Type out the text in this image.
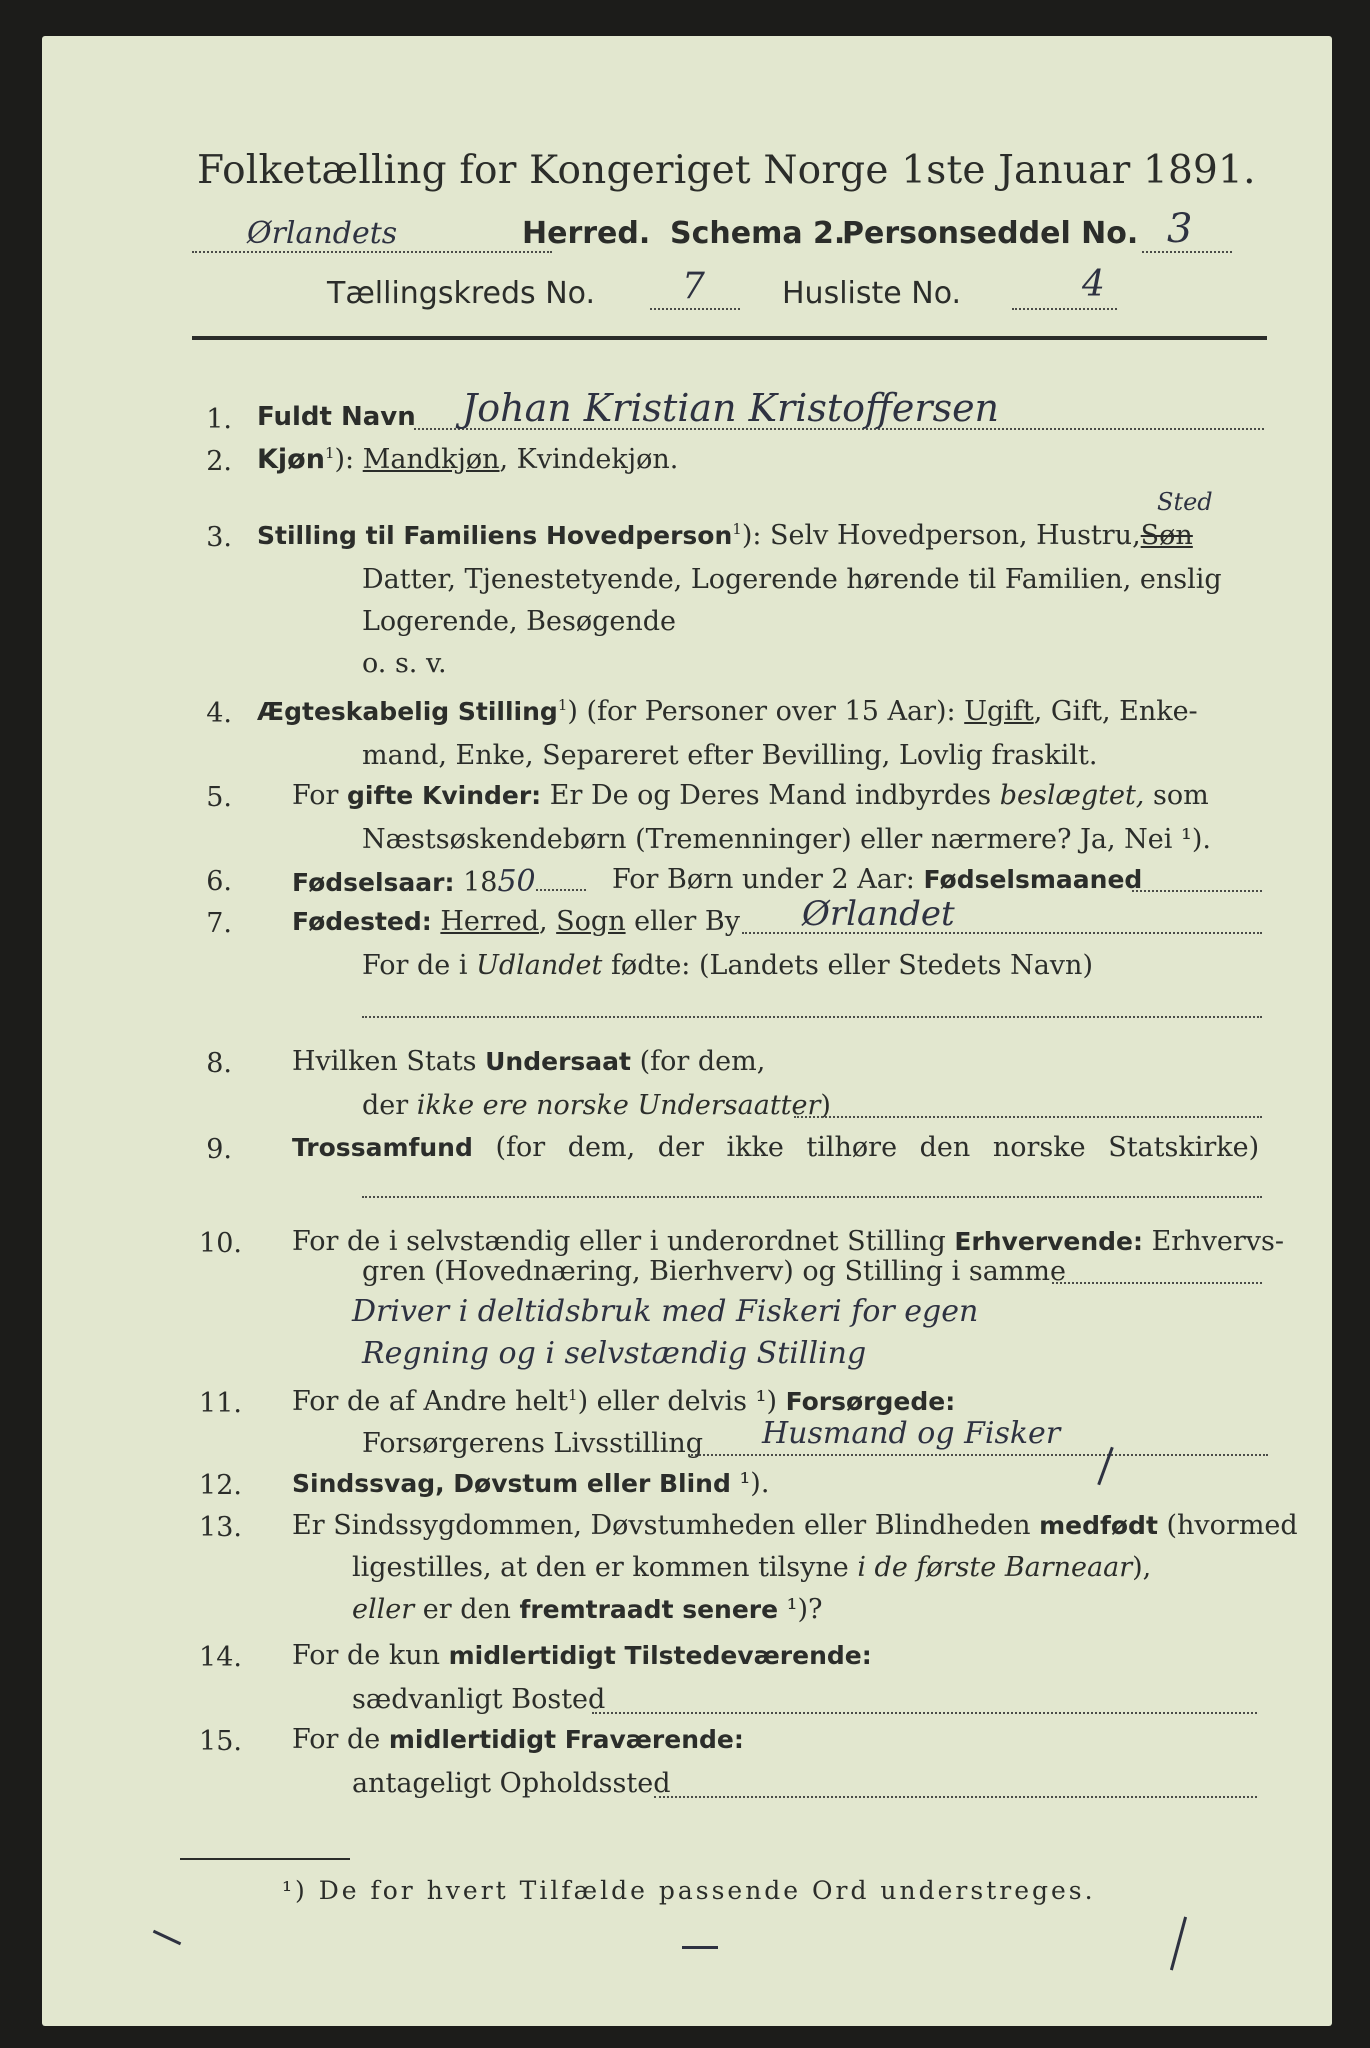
Folketælling for Kongeriget Norge 1ste Januar 1891.
Ørlandets	Herred. Schema 2.
Personseddel No. 3
Tællingskreds No. 7	Husliste No.	4
1. Fuldt Navn Johan Kristian Kristoffersen
2. Kjøn$^1$): Mandkjøn, Kvindekjøn.
3.
Sted
Stilling til Familiens Hovedperson$^1$): Selv Hovedperson, Hustru,Søn
Datter, Tjenestetyende, Logerende hørende til Familien, enslig
Logerende, Besøgende
o. s. v.
4. Ægteskabelig Stilling$^1$) (for Personer over 15 Aar): Ugift, Gift, Enke-
mand, Enke, Separeret efter Bevilling, Lovlig fraskilt.
5. For gifte Kvinder: Er De og Deres Mand indbyrdes beslægtet, som
Næstsøskendebørn (Tremenninger) eller nærmere? Ja, Nei ¹).
6. Fødselsaar: 1850	For Børn under 2 Aar: Fødselsmaaned
7. Fødested: Herred, Sogn eller By Ørlandet
For de i Udlandet fødte: (Landets eller Stedets Navn)
8. Hvilken Stats Undersaat (for dem,
der ikke ere norske Undersaatter)
9. Trossamfund (for dem, der ikke tilhøre den norske Statskirke)
10. For de i selvstændig eller i underordnet Stilling Erhvervende: Erhvervs-
gren (Hovednæring, Bierhverv) og Stilling i samme
Driver i deltidsbruk med Fiskeri for egen
Regning og i selvstændig Stilling
11. For de af Andre helt$^1$) eller delvis ¹) Forsørgede:
Forsørgerens Livsstilling Husmand og Fisker
12. Sindssvag, Døvstum eller Blind ¹).
13. Er Sindssygdommen, Døvstumheden eller Blindheden medfødt (hvormed
ligestilles, at den er kommen tilsyne i de første Barneaar),
eller er den fremtraadt senere ¹)?
14. For de kun midlertidigt Tilstedeværende:
sædvanligt Bosted
15. For de midlertidigt Fraværende:
antageligt Opholdssted
¹) De for hvert Tilfælde passende Ord understreges.
